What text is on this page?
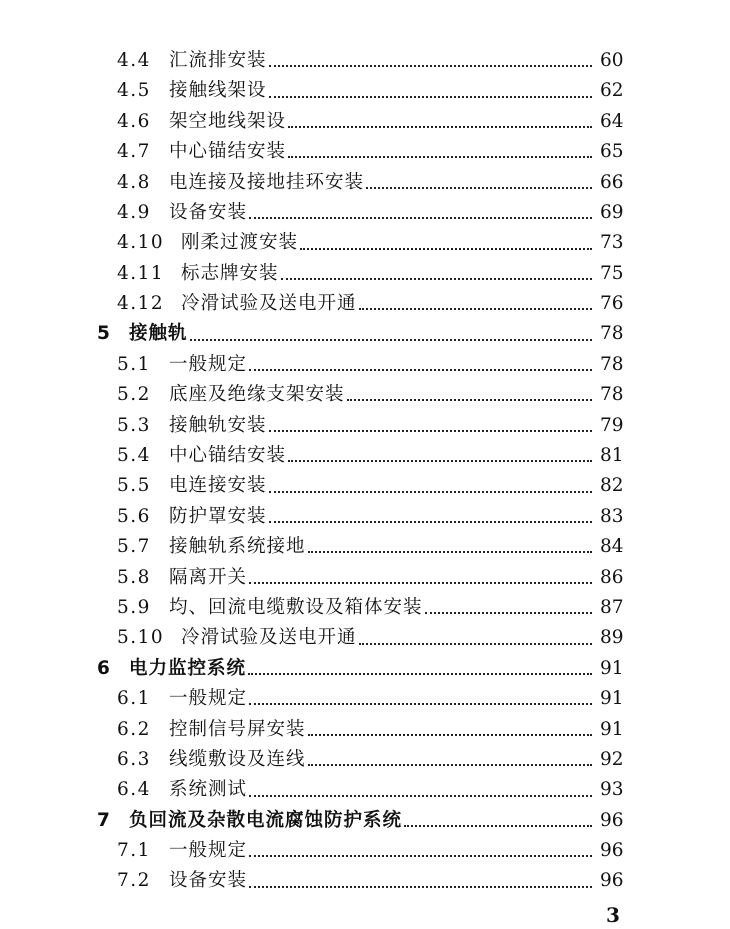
4.4 汇流排安装	60
4.5 接触线架设	62
4.6 架空地线架设	64
4.7 中心锚结安装	65
4.8 电连接及接地挂环安装	66
4.9 设备安装	69
4.10 刚柔过渡安装	73
4.11 标志牌安装	75
4.12 冷滑试验及送电开通	76
5 接触轨	78
5.1 一般规定	78
5.2 底座及绝缘支架安装	78
5.3 接触轨安装	79
5.4 中心锚结安装	81
5.5 电连接安装	82
5.6 防护罩安装	83
5.7 接触轨系统接地	84
5.8 隔离开关	86
5.9 均、回流电缆敷设及箱体安装	87
5.10 冷滑试验及送电开通	89
6 电力监控系统	91
6.1 一般规定	91
6.2 控制信号屏安装	91
6.3 线缆敷设及连线	92
6.4 系统测试	93
7 负回流及杂散电流腐蚀防护系统	96
7.1 一般规定	96
7.2 设备安装	96
3
